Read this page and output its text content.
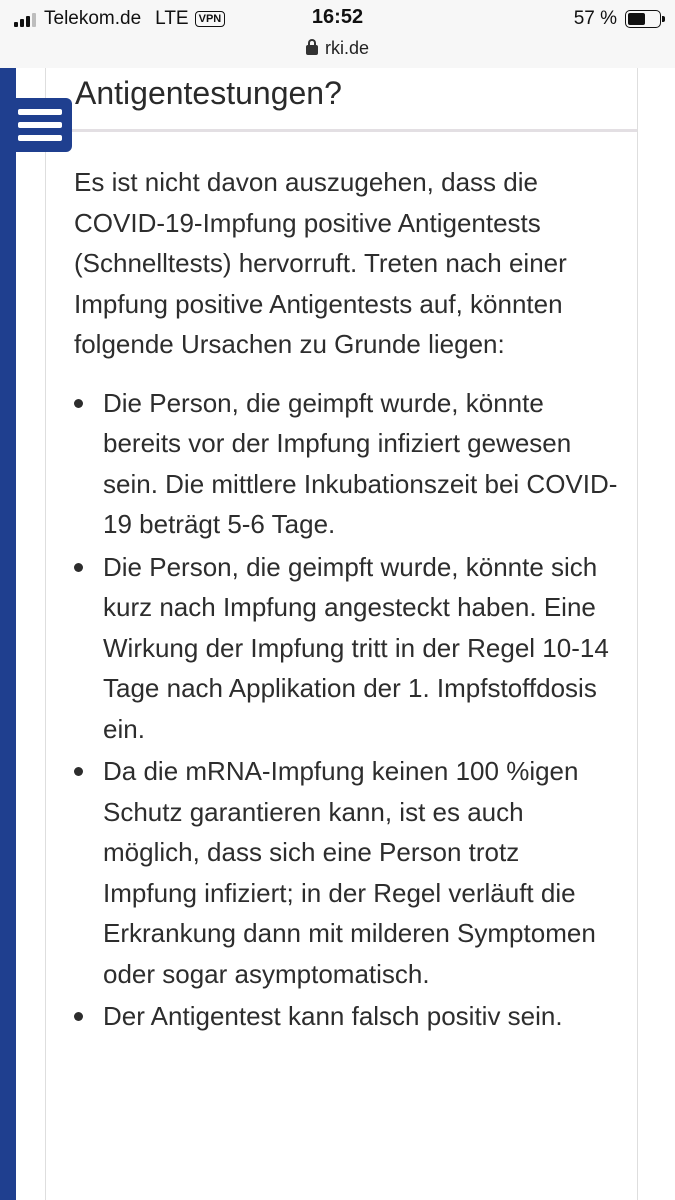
Telekom.de LTE VPN	16:52	57 %
rki.de
Antigentestungen?

Es ist nicht davon auszugehen, dass die COVID-19-Impfung positive Antigentests (Schnelltests) hervorruft. Treten nach einer Impfung positive Antigentests auf, könnten folgende Ursachen zu Grunde liegen:

Die Person, die geimpft wurde, könnte bereits vor der Impfung infiziert gewesen sein. Die mittlere Inkubationszeit bei COVID-19 beträgt 5-6 Tage.
Die Person, die geimpft wurde, könnte sich kurz nach Impfung angesteckt haben. Eine Wirkung der Impfung tritt in der Regel 10-14 Tage nach Applikation der 1. Impfstoffdosis ein.
Da die mRNA-Impfung keinen 100 %igen Schutz garantieren kann, ist es auch möglich, dass sich eine Person trotz Impfung infiziert; in der Regel verläuft die Erkrankung dann mit milderen Symptomen oder sogar asymptomatisch.
Der Antigentest kann falsch positiv sein.
